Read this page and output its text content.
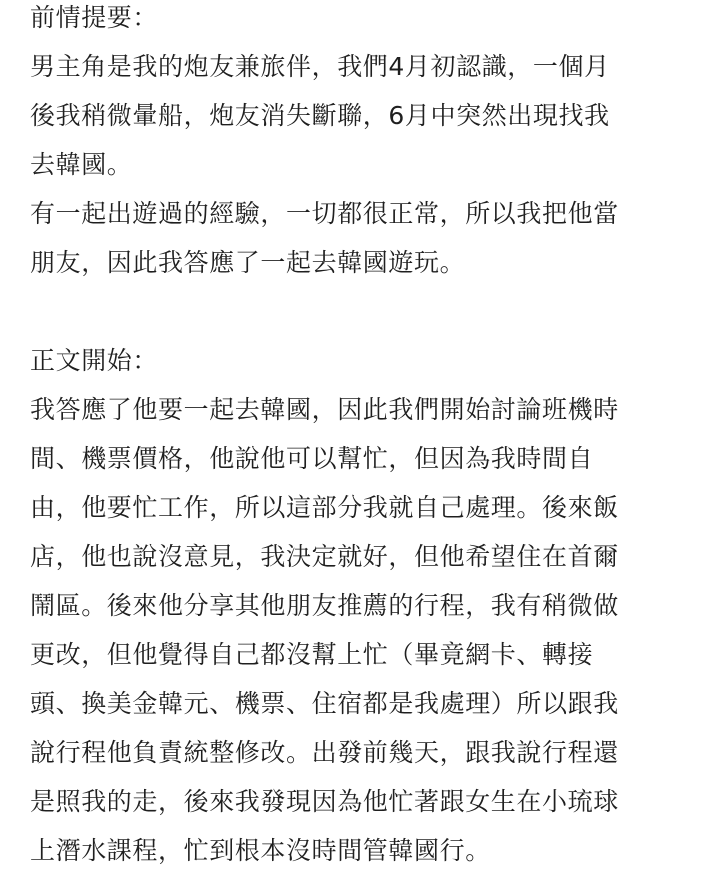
前情提要：
男主角是我的炮友兼旅伴，我們4月初認識，一個月
後我稍微暈船，炮友消失斷聯，6月中突然出現找我
去韓國。
有一起出遊過的經驗，一切都很正常，所以我把他當
朋友，因此我答應了一起去韓國遊玩。
正文開始：
我答應了他要一起去韓國，因此我們開始討論班機時
間、機票價格，他說他可以幫忙，但因為我時間自
由，他要忙工作，所以這部分我就自己處理。後來飯
店，他也說沒意見，我決定就好，但他希望住在首爾
鬧區。後來他分享其他朋友推薦的行程，我有稍微做
更改，但他覺得自己都沒幫上忙（畢竟網卡、轉接
頭、換美金韓元、機票、住宿都是我處理）所以跟我
說行程他負責統整修改。出發前幾天，跟我說行程還
是照我的走，後來我發現因為他忙著跟女生在小琉球
上潛水課程，忙到根本沒時間管韓國行。
